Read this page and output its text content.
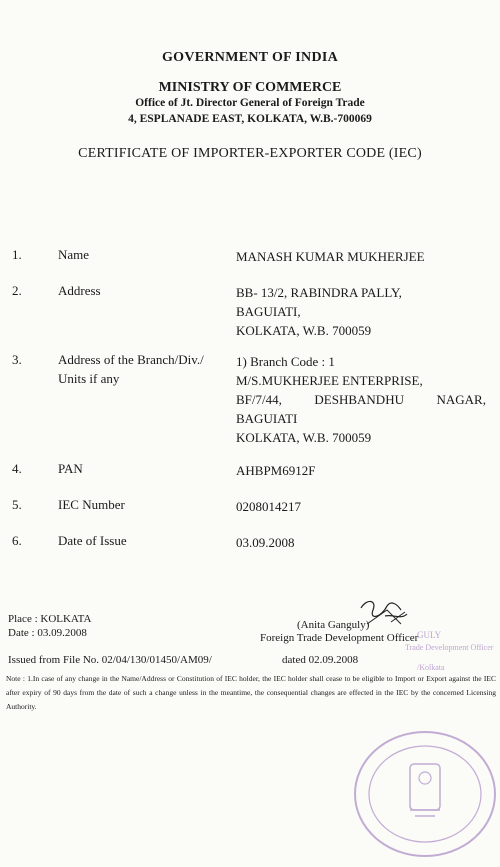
GOVERNMENT OF INDIA
MINISTRY OF COMMERCE
Office of Jt. Director General of Foreign Trade
4, ESPLANADE EAST, KOLKATA, W.B.-700069
CERTIFICATE OF IMPORTER-EXPORTER CODE (IEC)
1.	Name	MANASH KUMAR MUKHERJEE
2.	Address	BB- 13/2, RABINDRA PALLY,
BAGUIATI,
KOLKATA, W.B. 700059
3.	Address of the Branch/Div./
Units if any
1) Branch Code : 1
M/S.MUKHERJEE ENTERPRISE,
BF/7/44,	DESHBANDHU	NAGAR,
BAGUIATI
KOLKATA, W.B. 700059
4.	PAN	AHBPM6912F
5.	IEC Number	0208014217
6.	Date of Issue	03.09.2008
GULY
Trade Development Officer
/Kolkata
Place : KOLKATA
Date : 03.09.2008
(Anita Ganguly)
Foreign Trade Development Officer
Issued from File No. 02/04/130/01450/AM09/	dated 02.09.2008
Note : 1.In case of any change in the Name/Address or Constitution of IEC holder, the IEC holder shall cease to be eligible to Import or Export against the IEC after expiry of 90 days from the date of such a change unless in the meantime, the consequential changes are effected in the IEC by the concerned Licensing Authority.
